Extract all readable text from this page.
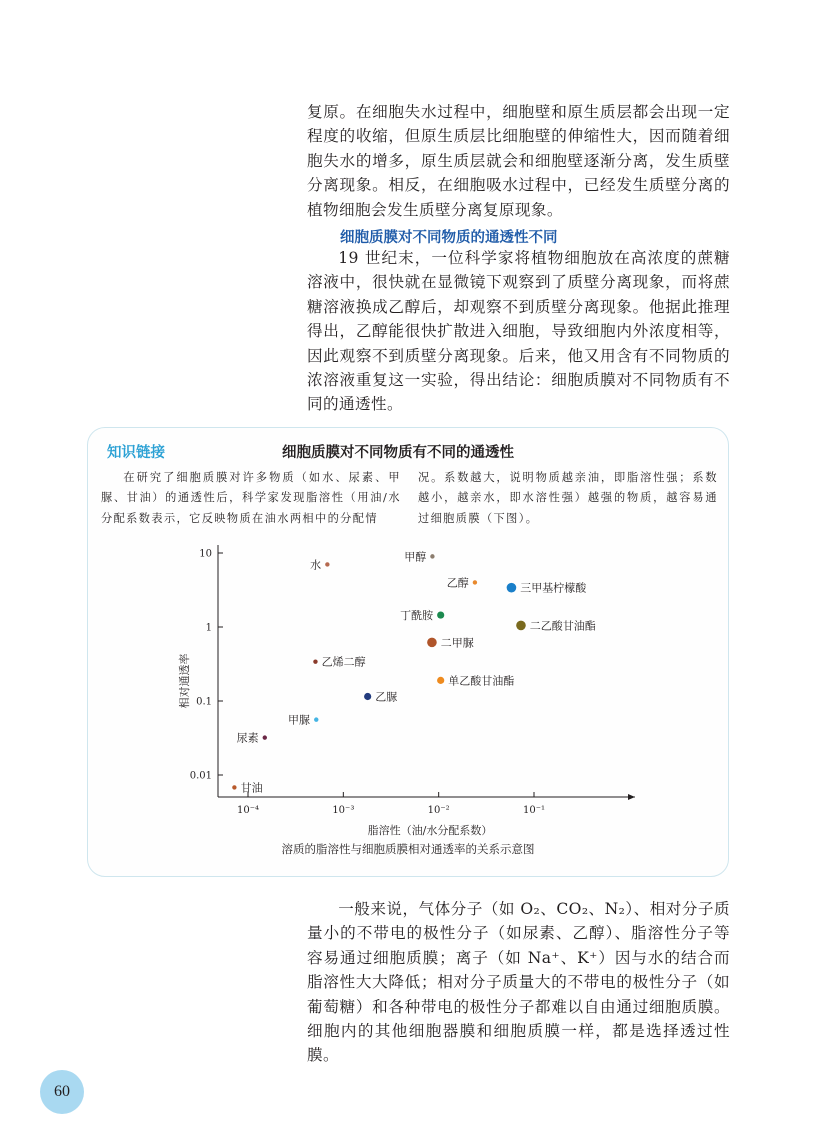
复原。在细胞失水过程中，细胞壁和原生质层都会出现一定程度的收缩，但原生质层比细胞壁的伸缩性大，因而随着细胞失水的增多，原生质层就会和细胞壁逐渐分离，发生质壁分离现象。相反，在细胞吸水过程中，已经发生质壁分离的植物细胞会发生质壁分离复原现象。

细胞质膜对不同物质的通透性不同

19 世纪末，一位科学家将植物细胞放在高浓度的蔗糖溶液中，很快就在显微镜下观察到了质壁分离现象，而将蔗糖溶液换成乙醇后，却观察不到质壁分离现象。他据此推理得出，乙醇能很快扩散进入细胞，导致细胞内外浓度相等，因此观察不到质壁分离现象。后来，他又用含有不同物质的浓溶液重复这一实验，得出结论：细胞质膜对不同物质有不同的通透性。

知识链接	细胞质膜对不同物质有不同的通透性

在研究了细胞质膜对许多物质（如水、尿素、甲脲、甘油）的通透性后，科学家发现脂溶性（用油/水分配系数表示，它反映物质在油水两相中的分配情

况。系数越大，说明物质越亲油，即脂溶性强；系数越小，越亲水，即水溶性强）越强的物质，越容易通过细胞质膜（下图）。

10
1
0.1
0.01
10⁻⁴	10⁻³	10⁻²	10⁻¹
相对通透率
脂溶性（油/水分配系数）
水
甲醇
乙醇	三甲基柠檬酸
丁酰胺
二乙酸甘油酯
二甲脲
乙烯二醇
单乙酸甘油酯
乙脲
甲脲
尿素
甘油

溶质的脂溶性与细胞质膜相对通透率的关系示意图

一般来说，气体分子（如 O₂、CO₂、N₂）、相对分子质量小的不带电的极性分子（如尿素、乙醇）、脂溶性分子等容易通过细胞质膜；离子（如 Na⁺、K⁺）因与水的结合而脂溶性大大降低；相对分子质量大的不带电的极性分子（如葡萄糖）和各种带电的极性分子都难以自由通过细胞质膜。细胞内的其他细胞器膜和细胞质膜一样，都是选择透过性膜。

60
